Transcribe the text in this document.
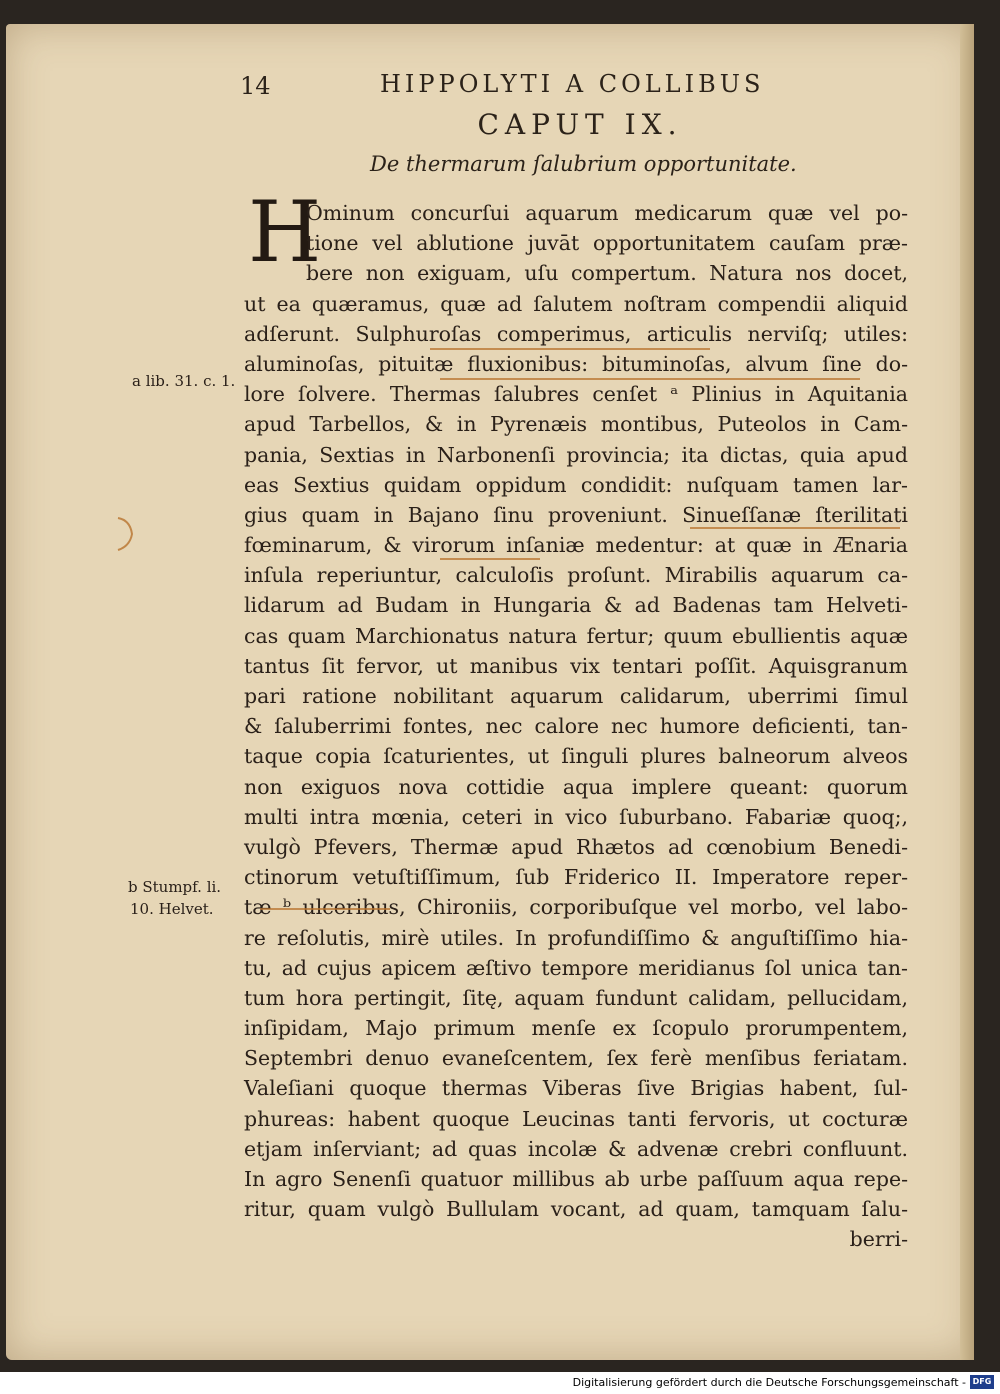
14	HIPPOLYTI A COLLIBUS
CAPUT IX.
De thermarum ſalubrium opportunitate.
H
Ominum concurſui aquarum medicarum quæ vel po-
tione vel ablutione juvāt opportunitatem cauſam præ-
bere non exiguam, uſu compertum. Natura nos docet,
ut ea quæramus, quæ ad ſalutem noſtram compendii aliquid
adſerunt. Sulphuroſas comperimus, articulis nerviſq; utiles:
aluminoſas, pituitæ fluxionibus: bituminoſas, alvum ſine do-
lore ſolvere. Thermas ſalubres cenſet ᵃ Plinius in Aquitania
apud Tarbellos, & in Pyrenæis montibus, Puteolos in Cam-
pania, Sextias in Narbonenſi provincia; ita dictas, quia apud
eas Sextius quidam oppidum condidit: nuſquam tamen lar-
gius quam in Bajano ſinu proveniunt. Sinueſſanæ ſterilitati
fœminarum, & virorum inſaniæ medentur: at quæ in Ænaria
inſula reperiuntur, calculoſis proſunt. Mirabilis aquarum ca-
lidarum ad Budam in Hungaria & ad Badenas tam Helveti-
cas quam Marchionatus natura fertur; quum ebullientis aquæ
tantus ſit fervor, ut manibus vix tentari poſſit. Aquisgranum
pari ratione nobilitant aquarum calidarum, uberrimi ſimul
& ſaluberrimi fontes, nec calore nec humore deficienti, tan-
taque copia ſcaturientes, ut ſinguli plures balneorum alveos
non exiguos nova cottidie aqua implere queant: quorum
multi intra mœnia, ceteri in vico ſuburbano. Fabariæ quoq;,
vulgò Pfevers, Thermæ apud Rhætos ad cœnobium Benedi-
ctinorum vetuſtiſſimum, ſub Friderico II. Imperatore reper-
tæ ᵇ ulceribus, Chironiis, corporibuſque vel morbo, vel labo-
re reſolutis, mirè utiles. In profundiſſimo & anguſtiſſimo hia-
tu, ad cujus apicem æſtivo tempore meridianus ſol unica tan-
tum hora pertingit, ſitę, aquam fundunt calidam, pellucidam,
inſipidam, Majo primum menſe ex ſcopulo prorumpentem,
Septembri denuo evaneſcentem, ſex ferè menſibus feriatam.
Valeſiani quoque thermas Viberas ſive Brigias habent, ſul-
phureas: habent quoque Leucinas tanti fervoris, ut cocturæ
etjam inſerviant; ad quas incolæ & advenæ crebri confluunt.
In agro Senenſi quatuor millibus ab urbe paſſuum aqua repe-
ritur, quam vulgò Bullulam vocant, ad quam, tamquam ſalu-
berri-
a lib. 31. c. 1.
b Stumpf. li.
10. Helvet.
Digitalisierung gefördert durch die Deutsche Forschungsgemeinschaft - DFG
